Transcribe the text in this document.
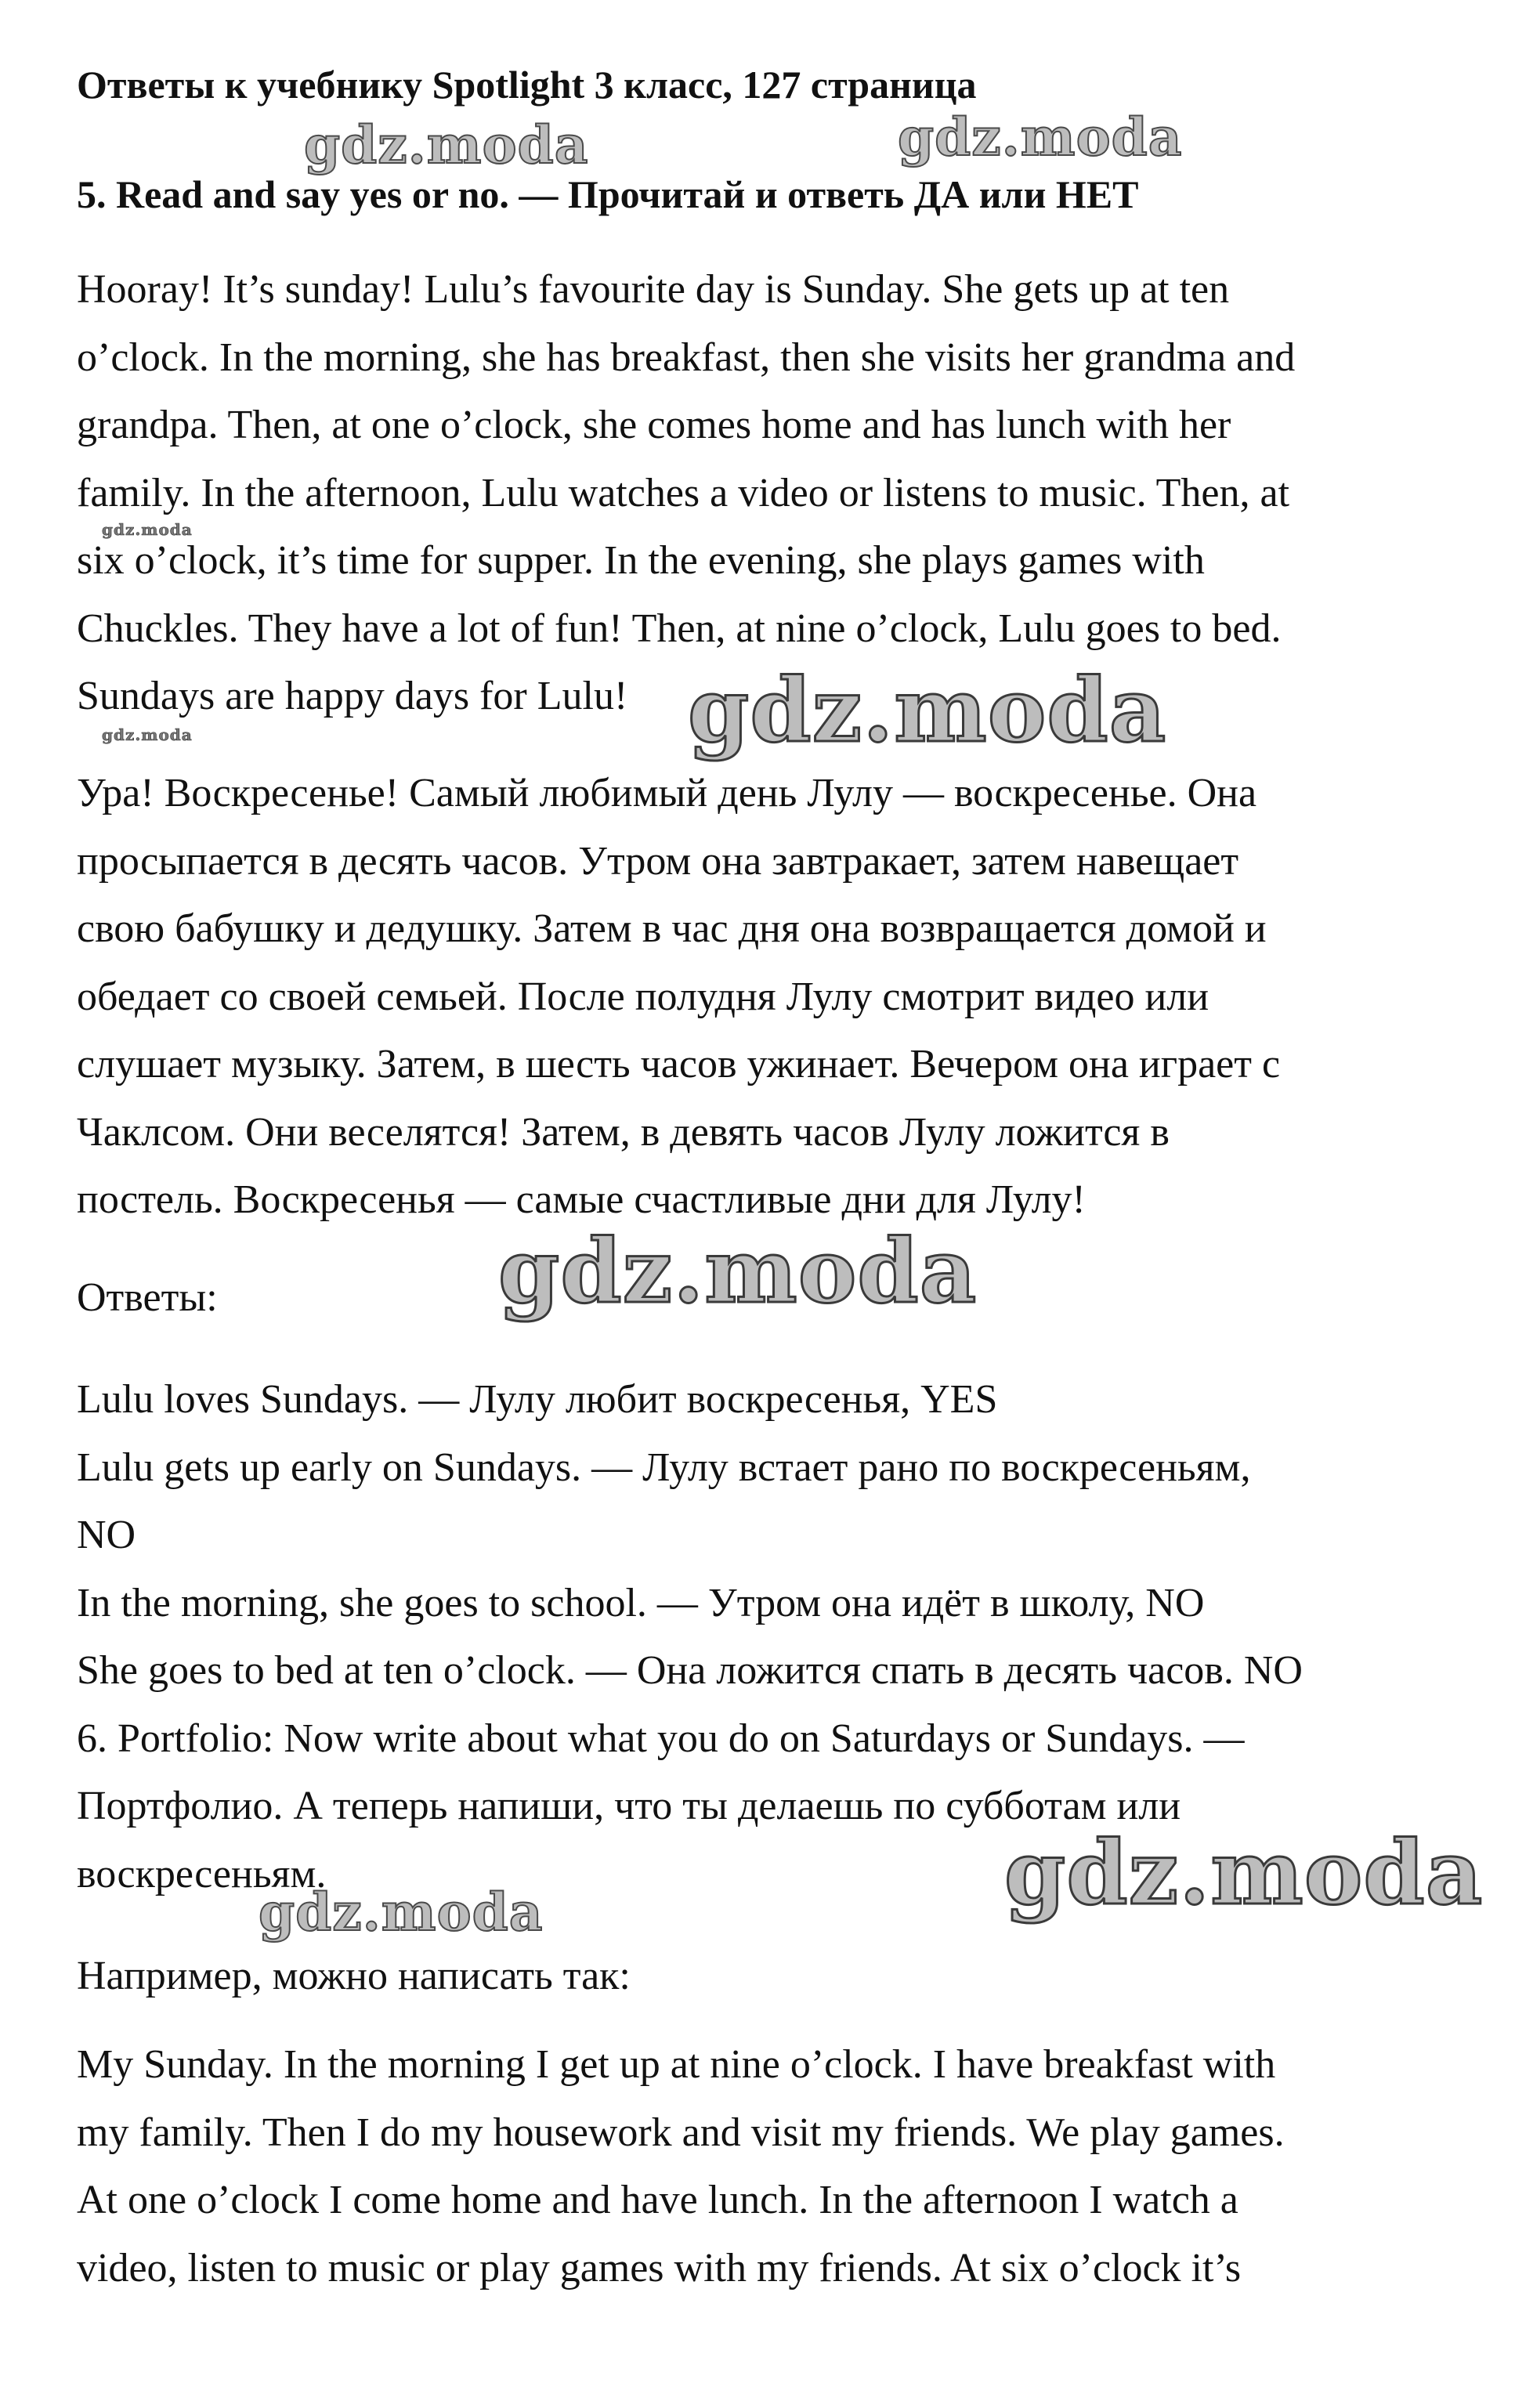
Ответы к учебнику Spotlight 3 класс, 127 страница
5. Read and say yes or no. — Прочитай и ответь ДА или НЕТ
Hooray! It’s sunday! Lulu’s favourite day is Sunday. She gets up at ten
o’clock. In the morning, she has breakfast, then she visits her grandma and
grandpa. Then, at one o’clock, she comes home and has lunch with her
family. In the afternoon, Lulu watches a video or listens to music. Then, at
six o’clock, it’s time for supper. In the evening, she plays games with
Chuckles. They have a lot of fun! Then, at nine o’clock, Lulu goes to bed.
Sundays are happy days for Lulu!
Ура! Воскресенье! Самый любимый день Лулу — воскресенье. Она
просыпается в десять часов. Утром она завтракает, затем навещает
свою бабушку и дедушку. Затем в час дня она возвращается домой и
обедает со своей семьей. После полудня Лулу смотрит видео или
слушает музыку. Затем, в шесть часов ужинает. Вечером она играет с
Чаклсом. Они веселятся! Затем, в девять часов Лулу ложится в
постель. Воскресенья — самые счастливые дни для Лулу!
Ответы:
Lulu loves Sundays. — Лулу любит воскресенья, YES
Lulu gets up early on Sundays. — Лулу встает рано по воскресеньям,
NO
In the morning, she goes to school. — Утром она идёт в школу, NO
She goes to bed at ten o’clock. — Она ложится спать в десять часов. NO
6. Portfolio: Now write about what you do on Saturdays or Sundays. —
Портфолио. А теперь напиши, что ты делаешь по субботам или
воскресеньям.
Например, можно написать так:
My Sunday. In the morning I get up at nine o’clock. I have breakfast with
my family. Then I do my housework and visit my friends. We play games.
At one o’clock I come home and have lunch. In the afternoon I watch a
video, listen to music or play games with my friends. At six o’clock it’s
gdz.moda	gdz.moda
gdz.moda
gdz.moda
gdz.moda
gdz.moda
gdz.moda
gdz.moda
